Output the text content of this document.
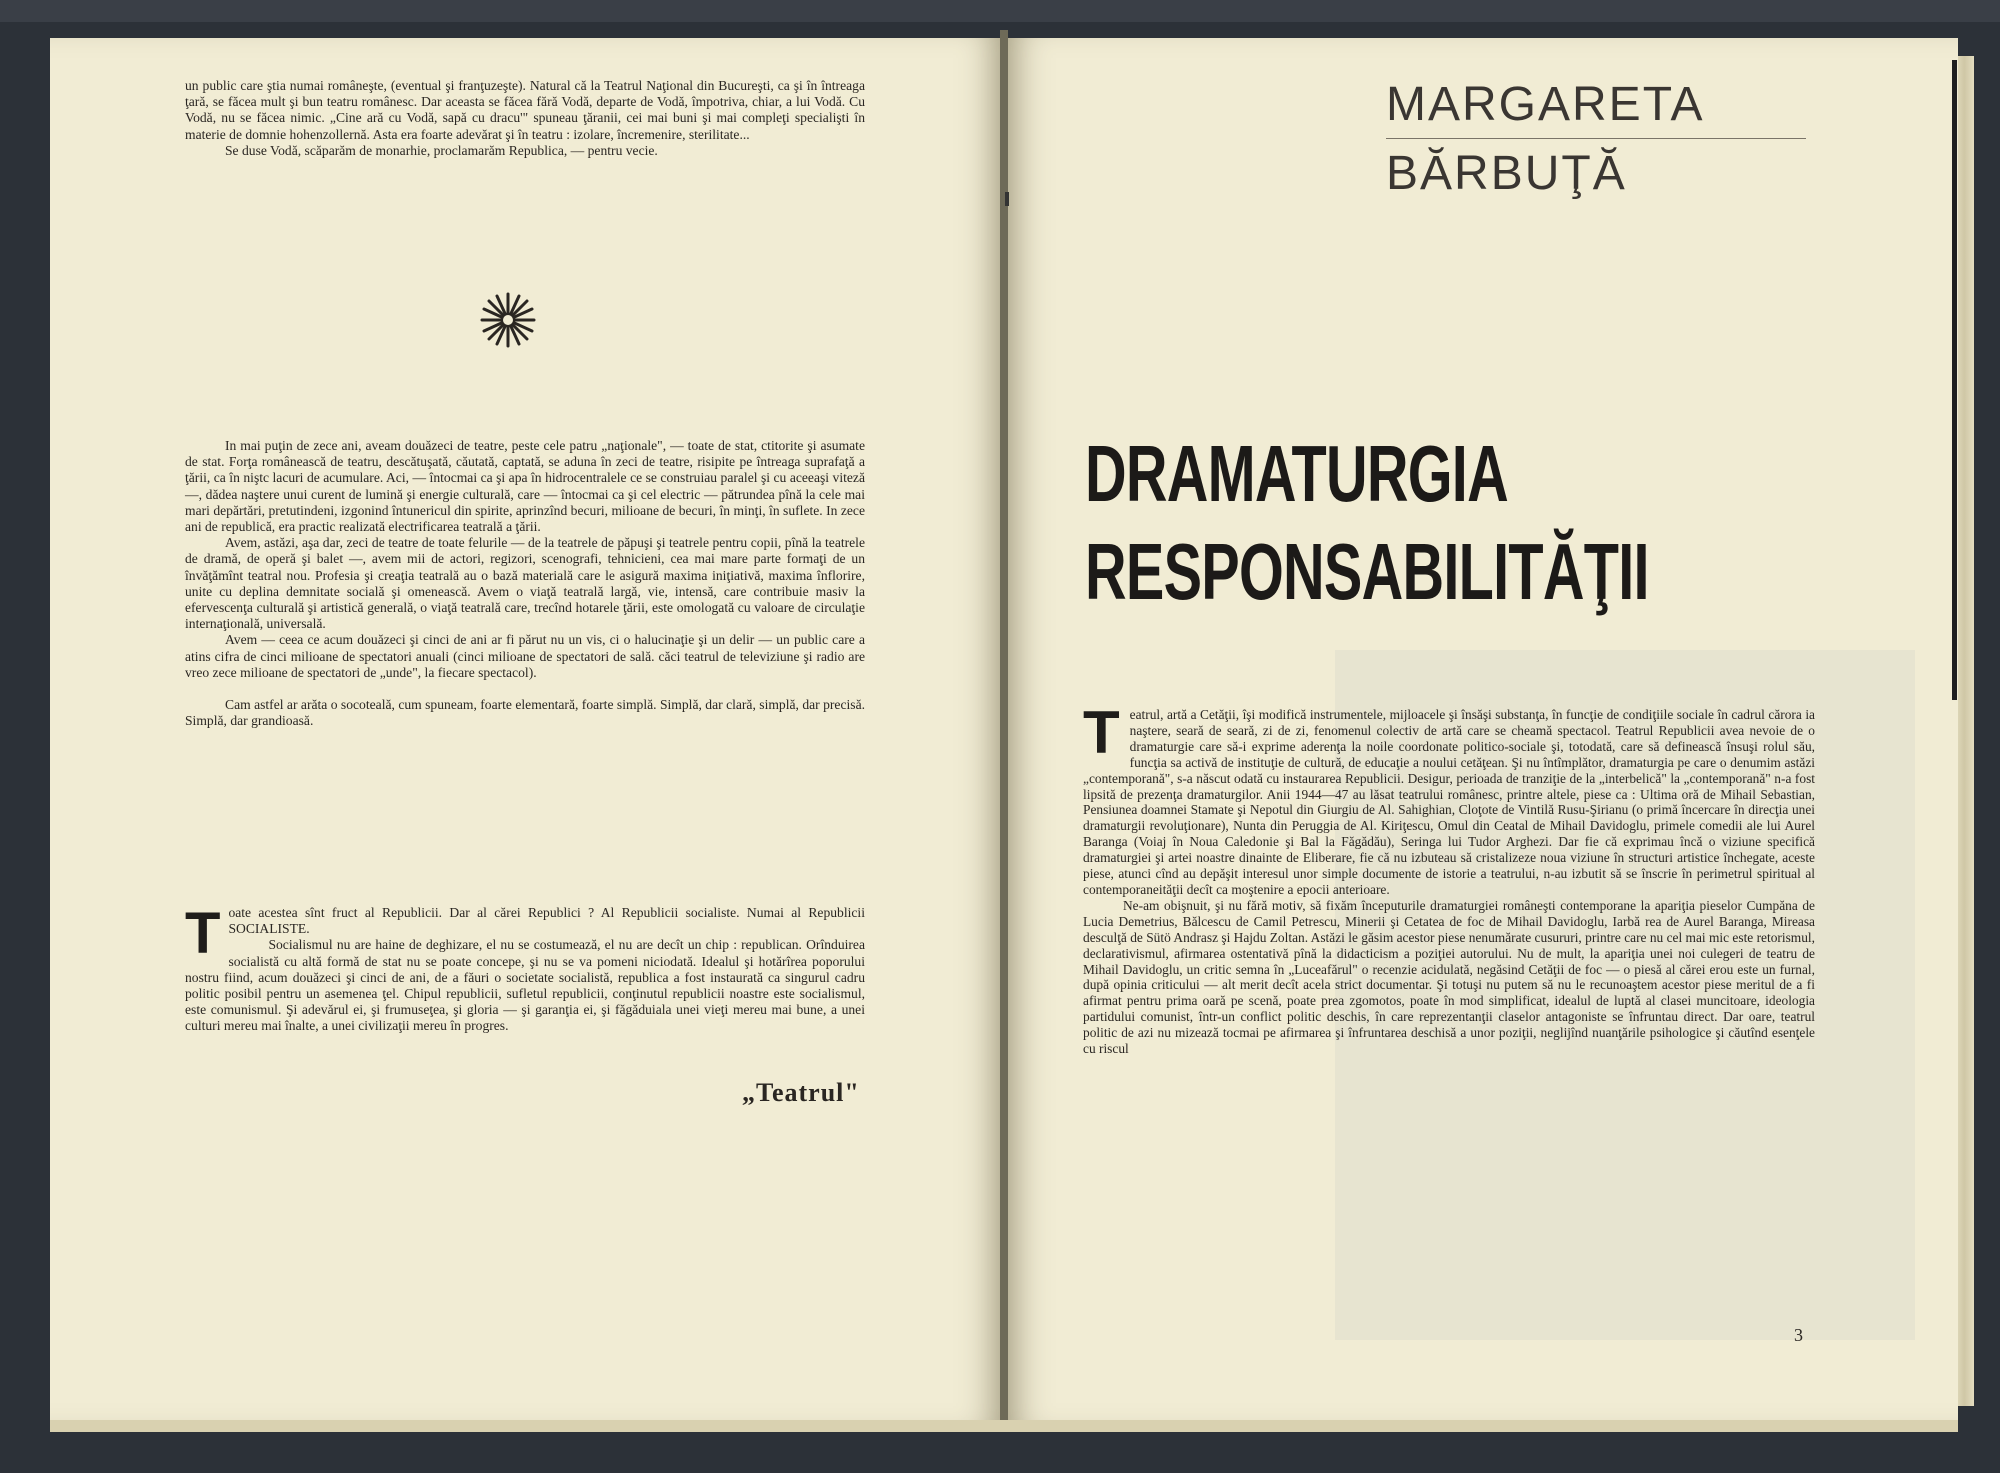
un public care ştia numai româneşte, (eventual şi franţuzeşte). Natural că la Teatrul Naţional din Bucureşti, ca şi în întreaga ţară, se făcea mult şi bun teatru românesc. Dar aceasta se făcea fără Vodă, departe de Vodă, împotriva, chiar, a lui Vodă. Cu Vodă, nu se făcea nimic. „Cine ară cu Vodă, sapă cu dracu'" spuneau ţăranii, cei mai buni şi mai compleţi specialişti în materie de domnie hohenzollernă. Asta era foarte adevărat şi în teatru : izolare, încremenire, sterilitate...

Se duse Vodă, scăparăm de monarhie, proclamarăm Republica, — pentru vecie.

In mai puţin de zece ani, aveam douăzeci de teatre, peste cele patru „naţionale", — toate de stat, ctitorite şi asumate de stat. Forţa românească de teatru, descătuşată, căutată, captată, se aduna în zeci de teatre, risipite pe întreaga suprafaţă a ţării, ca în niştc lacuri de acumulare. Aci, — întocmai ca şi apa în hidrocentralele ce se construiau paralel şi cu aceeaşi viteză —, dădea naştere unui curent de lumină şi energie culturală, care — întocmai ca şi cel electric — pătrundea pînă la cele mai mari depărtări, pretutindeni, izgonind întunericul din spirite, aprinzînd becuri, milioane de becuri, în minţi, în suflete. In zece ani de republică, era practic realizată electrificarea teatrală a ţării.

Avem, astăzi, aşa dar, zeci de teatre de toate felurile — de la teatrele de păpuşi şi teatrele pentru copii, pînă la teatrele de dramă, de operă şi balet —, avem mii de actori, regizori, scenografi, tehnicieni, cea mai mare parte formaţi de un învăţămînt teatral nou. Profesia şi creaţia teatrală au o bază materială care le asigură maxima iniţiativă, maxima înflorire, unite cu deplina demnitate socială şi omenească. Avem o viaţă teatrală largă, vie, intensă, care contribuie masiv la efervescenţa culturală şi artistică generală, o viaţă teatrală care, trecînd hotarele ţării, este omologată cu valoare de circulaţie internaţională, universală.

Avem — ceea ce acum douăzeci şi cinci de ani ar fi părut nu un vis, ci o halucinaţie şi un delir — un public care a atins cifra de cinci milioane de spectatori anuali (cinci milioane de spectatori de sală. căci teatrul de televiziune şi radio are vreo zece milioane de spectatori de „unde", la fiecare spectacol).

Cam astfel ar arăta o socoteală, cum spuneam, foarte elementară, foarte simplă. Simplă, dar clară, simplă, dar precisă. Simplă, dar grandioasă.

T oate acestea sînt fruct al Republicii. Dar al cărei Republici ? Al Republicii socialiste. Numai al Republicii SOCIALISTE.

Socialismul nu are haine de deghizare, el nu se costumează, el nu are decît un chip : republican. Orînduirea socialistă cu altă formă de stat nu se poate concepe, şi nu se va pomeni niciodată. Idealul şi hotărîrea poporului nostru fiind, acum douăzeci şi cinci de ani, de a făuri o societate socialistă, republica a fost instaurată ca singurul cadru politic posibil pentru un asemenea ţel. Chipul republicii, sufletul republicii, conţinutul republicii noastre este socialismul, este comunismul. Şi adevărul ei, şi frumuseţea, şi gloria — şi garanţia ei, şi făgăduiala unei vieţi mereu mai bune, a unei culturi mereu mai înalte, a unei civilizaţii mereu în progres.

„Teatrul"
MARGARETA
BĂRBUŢĂ
DRAMATURGIA
RESPONSABILITĂŢII
T eatrul, artă a Cetăţii, îşi modifică instrumentele, mijloacele şi însăşi substanţa, în funcţie de condiţiile sociale în cadrul cărora ia naştere, seară de seară, zi de zi, fenomenul colectiv de artă care se cheamă spectacol. Teatrul Republicii avea nevoie de o dramaturgie care să-i exprime aderenţa la noile coordonate politico-sociale şi, totodată, care să definească însuşi rolul său, funcţia sa activă de instituţie de cultură, de educaţie a noului cetăţean. Şi nu întîmplător, dramaturgia pe care o denumim astăzi „contemporană", s-a născut odată cu instaurarea Republicii. Desigur, perioada de tranziţie de la „interbelică" la „contemporană" n-a fost lipsită de prezenţa dramaturgilor. Anii 1944—47 au lăsat teatrului românesc, printre altele, piese ca : Ultima oră de Mihail Sebastian, Pensiunea doamnei Stamate şi Nepotul din Giurgiu de Al. Sahighian, Cloţote de Vintilă Rusu-Şirianu (o primă încercare în direcţia unei dramaturgii revoluţionare), Nunta din Peruggia de Al. Kiriţescu, Omul din Ceatal de Mihail Davidoglu, primele comedii ale lui Aurel Baranga (Voiaj în Noua Caledonie şi Bal la Făgădău), Seringa lui Tudor Arghezi. Dar fie că exprimau încă o viziune specifică dramaturgiei şi artei noastre dinainte de Eliberare, fie că nu izbuteau să cristalizeze noua viziune în structuri artistice închegate, aceste piese, atunci cînd au depăşit interesul unor simple documente de istorie a teatrului, n-au izbutit să se înscrie în perimetrul spiritual al contemporaneităţii decît ca moştenire a epocii anterioare.

Ne-am obişnuit, şi nu fără motiv, să fixăm începuturile dramaturgiei româneşti contemporane la apariţia pieselor Cumpăna de Lucia Demetrius, Bălcescu de Camil Petrescu, Minerii şi Cetatea de foc de Mihail Davidoglu, Iarbă rea de Aurel Baranga, Mireasa desculţă de Sütö Andrasz şi Hajdu Zoltan. Astăzi le găsim acestor piese nenumărate cusururi, printre care nu cel mai mic este retorismul, declarativismul, afirmarea ostentativă pînă la didacticism a poziţiei autorului. Nu de mult, la apariţia unei noi culegeri de teatru de Mihail Davidoglu, un critic semna în „Luceafărul" o recenzie acidulată, negăsind Cetăţii de foc — o piesă al cărei erou este un furnal, după opinia criticului — alt merit decît acela strict documentar. Şi totuşi nu putem să nu le recunoaştem acestor piese meritul de a fi afirmat pentru prima oară pe scenă, poate prea zgomotos, poate în mod simplificat, idealul de luptă al clasei muncitoare, ideologia partidului comunist, într-un conflict politic deschis, în care reprezentanţii claselor antagoniste se înfruntau direct. Dar oare, teatrul politic de azi nu mizează tocmai pe afirmarea şi înfruntarea deschisă a unor poziţii, neglijînd nuanţările psihologice şi căutînd esenţele cu riscul

3
